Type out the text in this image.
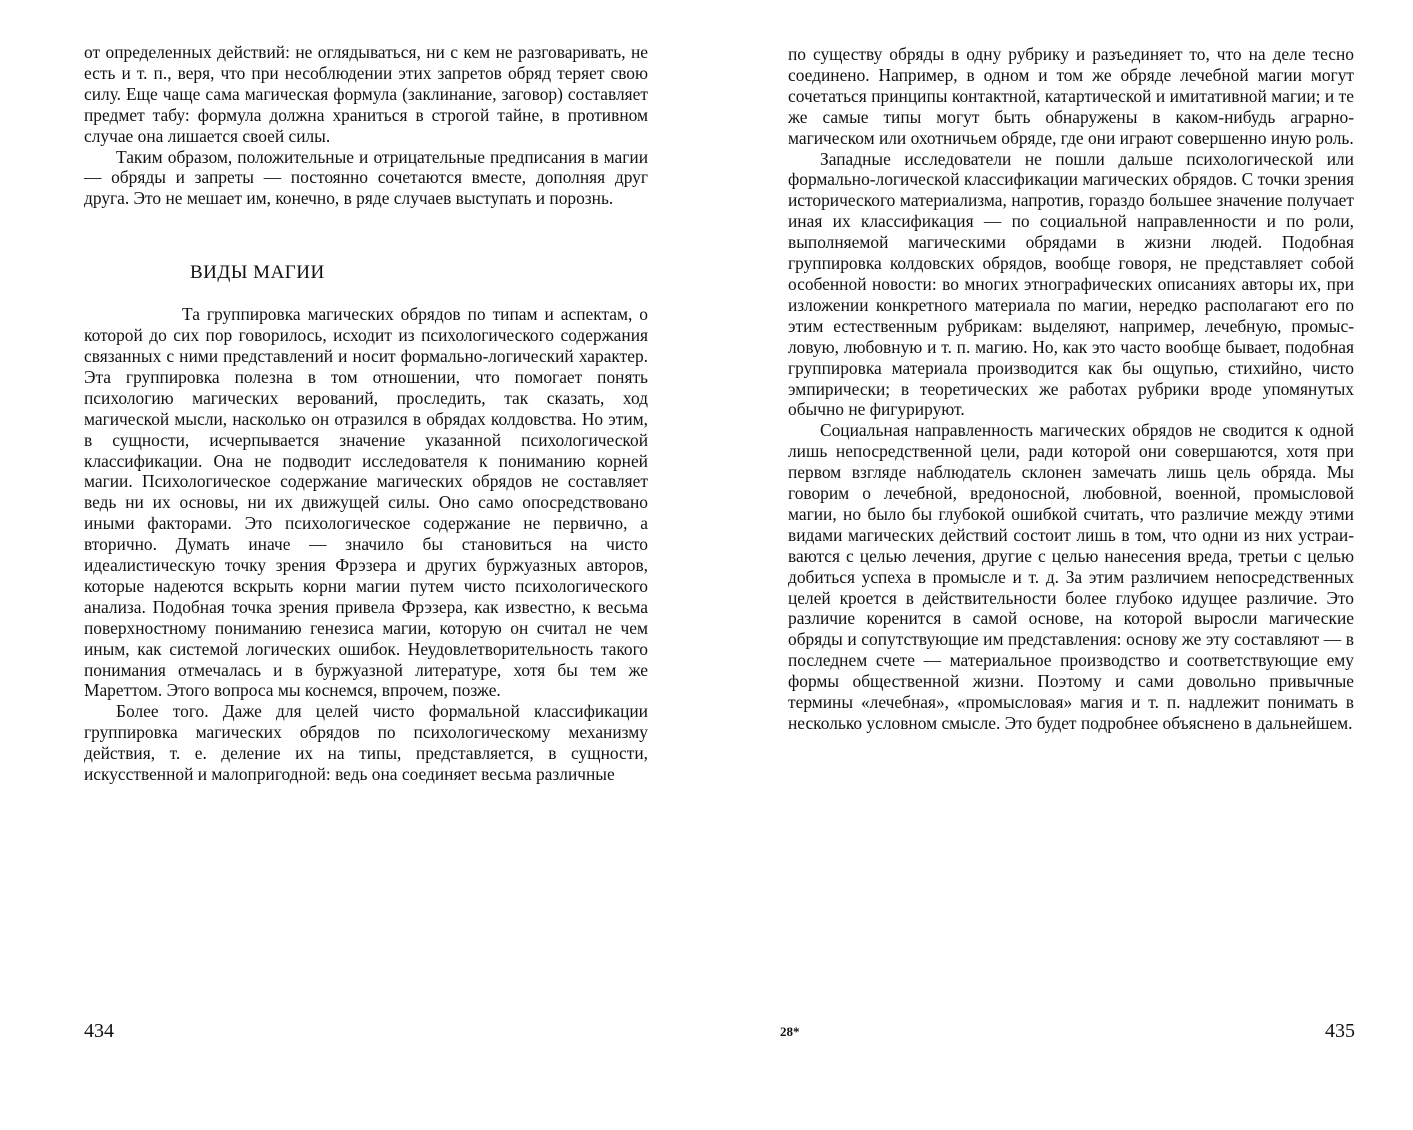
от определенных действий: не оглядываться, ни с кем не разговаривать, не есть и т. п., веря, что при несоблюдении этих запретов обряд теряет свою силу. Еще чаще сама магическая формула (заклинание, заговор) составляет предмет табу: формула должна храниться в строгой тайне, в противном случае она лишается своей силы.

Таким образом, положительные и отрицательные предписания в магии — обряды и запреты — постоянно сочетаются вместе, дополняя друг друга. Это не мешает им, конечно, в ряде случаев выступать и порознь.

ВИДЫ МАГИИ

Та группировка магических обрядов по типам и аспектам, о которой до сих пор говорилось, исходит из психологического содержания связанных с ними представлений и носит формально-логический характер. Эта группировка полезна в том отношении, что помогает понять психологию магических верований, проследить, так сказать, ход магической мысли, насколько он отразился в обрядах колдовства. Но этим, в сущности, исчерпывается значение указанной психологической классификации. Она не подводит исследователя к пониманию корней магии. Психологическое содержание магических обрядов не составляет ведь ни их основы, ни их движущей силы. Оно само опосредствовано иными факторами. Это психологическое содержание не первично, а вторично. Думать иначе — значило бы становиться на чисто идеалистическую точку зрения Фрэзера и других буржуазных авторов, которые надеются вскрыть корни магии путем чисто психологического анализа. Подобная точка зрения привела Фрэзера, как известно, к весьма поверхностному пониманию генезиса магии, которую он считал не чем иным, как системой логических ошибок. Неудовлетворительность такого понимания отмечалась и в буржуазной литературе, хотя бы тем же Мареттом. Этого вопроса мы коснемся, впрочем, позже.

Более того. Даже для целей чисто формальной классификации группировка магических обрядов по психологическому механизму действия, т. е. деление их на типы, представляется, в сущности, искусственной и малопригодной: ведь она соединяет весьма различные

434

по существу обряды в одну рубрику и разъединяет то, что на деле тесно соединено. Например, в одном и том же обряде лечебной магии могут сочетаться принципы контактной, катартической и имитативной магии; и те же самые типы могут быть обнаружены в каком-нибудь аграрно-магическом или охотничьем обряде, где они играют совершенно иную роль.

Западные исследователи не пошли дальше психологической или формально-логической классификации магических обрядов. С точки зрения исторического материализма, напротив, гораздо большее значение получает иная их классификация — по социальной направленности и по роли, выполняемой магическими обрядами в жизни людей. Подобная группировка колдовских обрядов, вообще говоря, не представляет собой особенной новости: во многих этнографических описаниях авторы их, при изложении конкретного материала по магии, нередко располагают его по этим естественным рубрикам: выделяют, например, лечебную, промысловую, любовную и т. п. магию. Но, как это часто вообще бывает, подобная группировка материала производится как бы ощупью, стихийно, чисто эмпирически; в теоретических же работах рубрики вроде упомянутых обычно не фигурируют.

Социальная направленность магических обрядов не сводится к одной лишь непосредственной цели, ради которой они совершаются, хотя при первом взгляде наблюдатель склонен замечать лишь цель обряда. Мы говорим о лечебной, вредоносной, любовной, военной, промысловой магии, но было бы глубокой ошибкой считать, что различие между этими видами магических действий состоит лишь в том, что одни из них устраиваются с целью лечения, другие с целью нанесения вреда, третьи с целью добиться успеха в промысле и т. д. За этим различием непосредственных целей кроется в действительности более глубоко идущее различие. Это различие коренится в самой основе, на которой выросли магические обряды и сопутствующие им представления: основу же эту составляют — в последнем счете — материальное производство и соответствующие ему формы общественной жизни. Поэтому и сами довольно привычные термины «лечебная», «промысловая» магия и т. п. надлежит понимать в несколько условном смысле. Это будет подробнее объяснено в дальнейшем.

28*	435
